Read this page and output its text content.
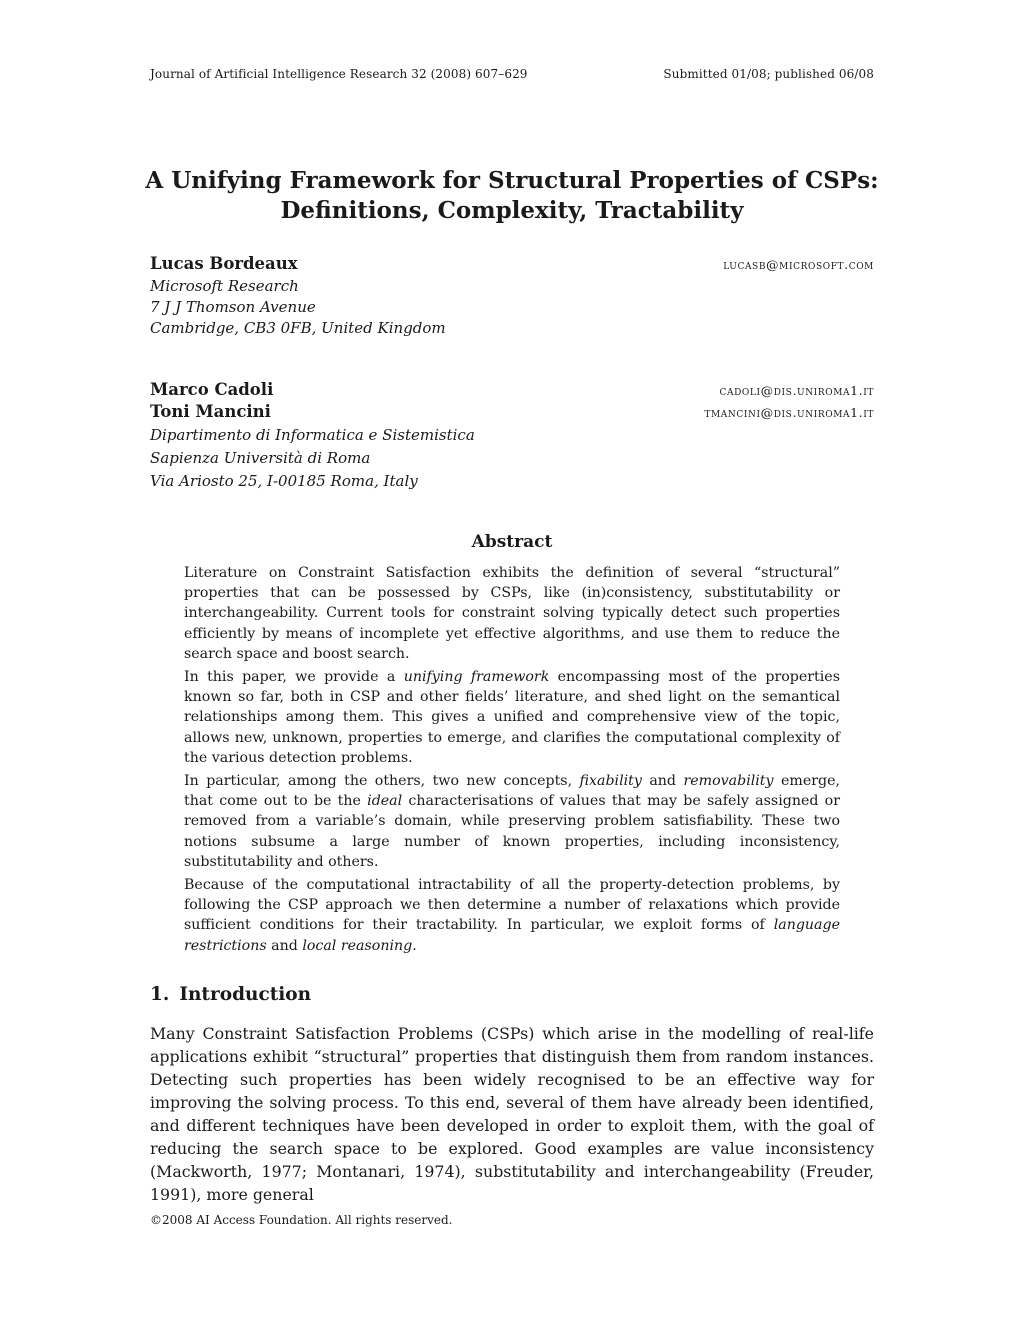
Journal of Artificial Intelligence Research 32 (2008) 607–629	Submitted 01/08; published 06/08
A Unifying Framework for Structural Properties of CSPs:
Definitions, Complexity, Tractability
Lucas Bordeaux	lucasb@microsoft.com
Microsoft Research
7 J J Thomson Avenue
Cambridge, CB3 0FB, United Kingdom
Marco Cadoli	cadoli@dis.uniroma1.it
Toni Mancini	tmancini@dis.uniroma1.it
Dipartimento di Informatica e Sistemistica
Sapienza Università di Roma
Via Ariosto 25, I-00185 Roma, Italy
Abstract

Literature on Constraint Satisfaction exhibits the definition of several “structural” properties that can be possessed by CSPs, like (in)consistency, substitutability or interchangeability. Current tools for constraint solving typically detect such properties efficiently by means of incomplete yet effective algorithms, and use them to reduce the search space and boost search.

In this paper, we provide a unifying framework encompassing most of the properties known so far, both in CSP and other fields’ literature, and shed light on the semantical relationships among them. This gives a unified and comprehensive view of the topic, allows new, unknown, properties to emerge, and clarifies the computational complexity of the various detection problems.

In particular, among the others, two new concepts, fixability and removability emerge, that come out to be the ideal characterisations of values that may be safely assigned or removed from a variable’s domain, while preserving problem satisfiability. These two notions subsume a large number of known properties, including inconsistency, substitutability and others.

Because of the computational intractability of all the property-detection problems, by following the CSP approach we then determine a number of relaxations which provide sufficient conditions for their tractability. In particular, we exploit forms of language restrictions and local reasoning.

1. Introduction

Many Constraint Satisfaction Problems (CSPs) which arise in the modelling of real-life applications exhibit “structural” properties that distinguish them from random instances. Detecting such properties has been widely recognised to be an effective way for improving the solving process. To this end, several of them have already been identified, and different techniques have been developed in order to exploit them, with the goal of reducing the search space to be explored. Good examples are value inconsistency (Mackworth, 1977; Montanari, 1974), substitutability and interchangeability (Freuder, 1991), more general

©2008 AI Access Foundation. All rights reserved.
